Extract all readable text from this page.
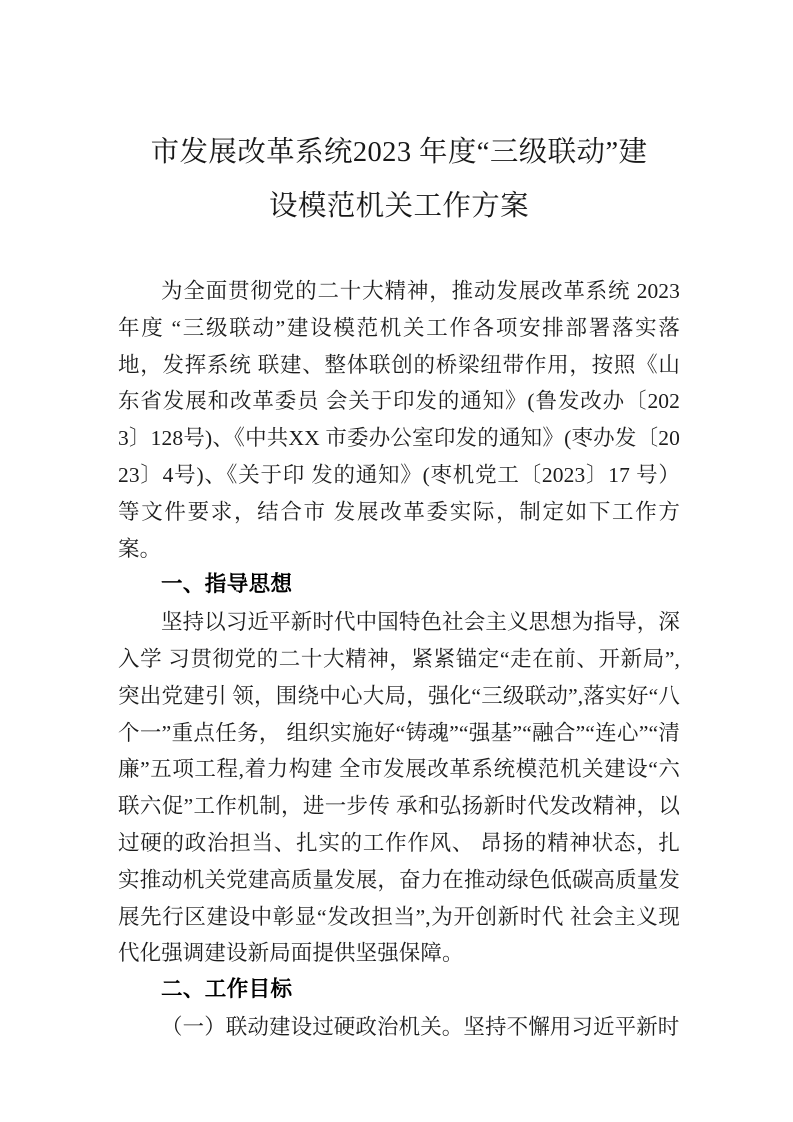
市发展改革系统2023 年度“三级联动”建
设模范机关工作方案

为全面贯彻党的二十大精神，推动发展改革系统 2023 年度 “三级联动”建设模范机关工作各项安排部署落实落地，发挥系统 联建、整体联创的桥梁纽带作用，按照《山东省发展和改革委员 会关于印发的通知》(鲁发改办〔2023〕128号)、《中共XX 市委办公室印发的通知》(枣办发〔2023〕4号)、《关于印 发的通知》(枣机党工〔2023〕17 号）等文件要求，结合市 发展改革委实际，制定如下工作方案。

一、指导思想

坚持以习近平新时代中国特色社会主义思想为指导，深入学 习贯彻党的二十大精神，紧紧锚定“走在前、开新局”,突出党建引 领，围绕中心大局，强化“三级联动”,落实好“八个一”重点任务， 组织实施好“铸魂”“强基”“融合”“连心”“清廉”五项工程,着力构建 全市发展改革系统模范机关建设“六联六促”工作机制，进一步传 承和弘扬新时代发改精神，以过硬的政治担当、扎实的工作作风、 昂扬的精神状态，扎实推动机关党建高质量发展，奋力在推动绿色低碳高质量发展先行区建设中彰显“发改担当”,为开创新时代 社会主义现代化强调建设新局面提供坚强保障。

二、工作目标

（一）联动建设过硬政治机关。坚持不懈用习近平新时
